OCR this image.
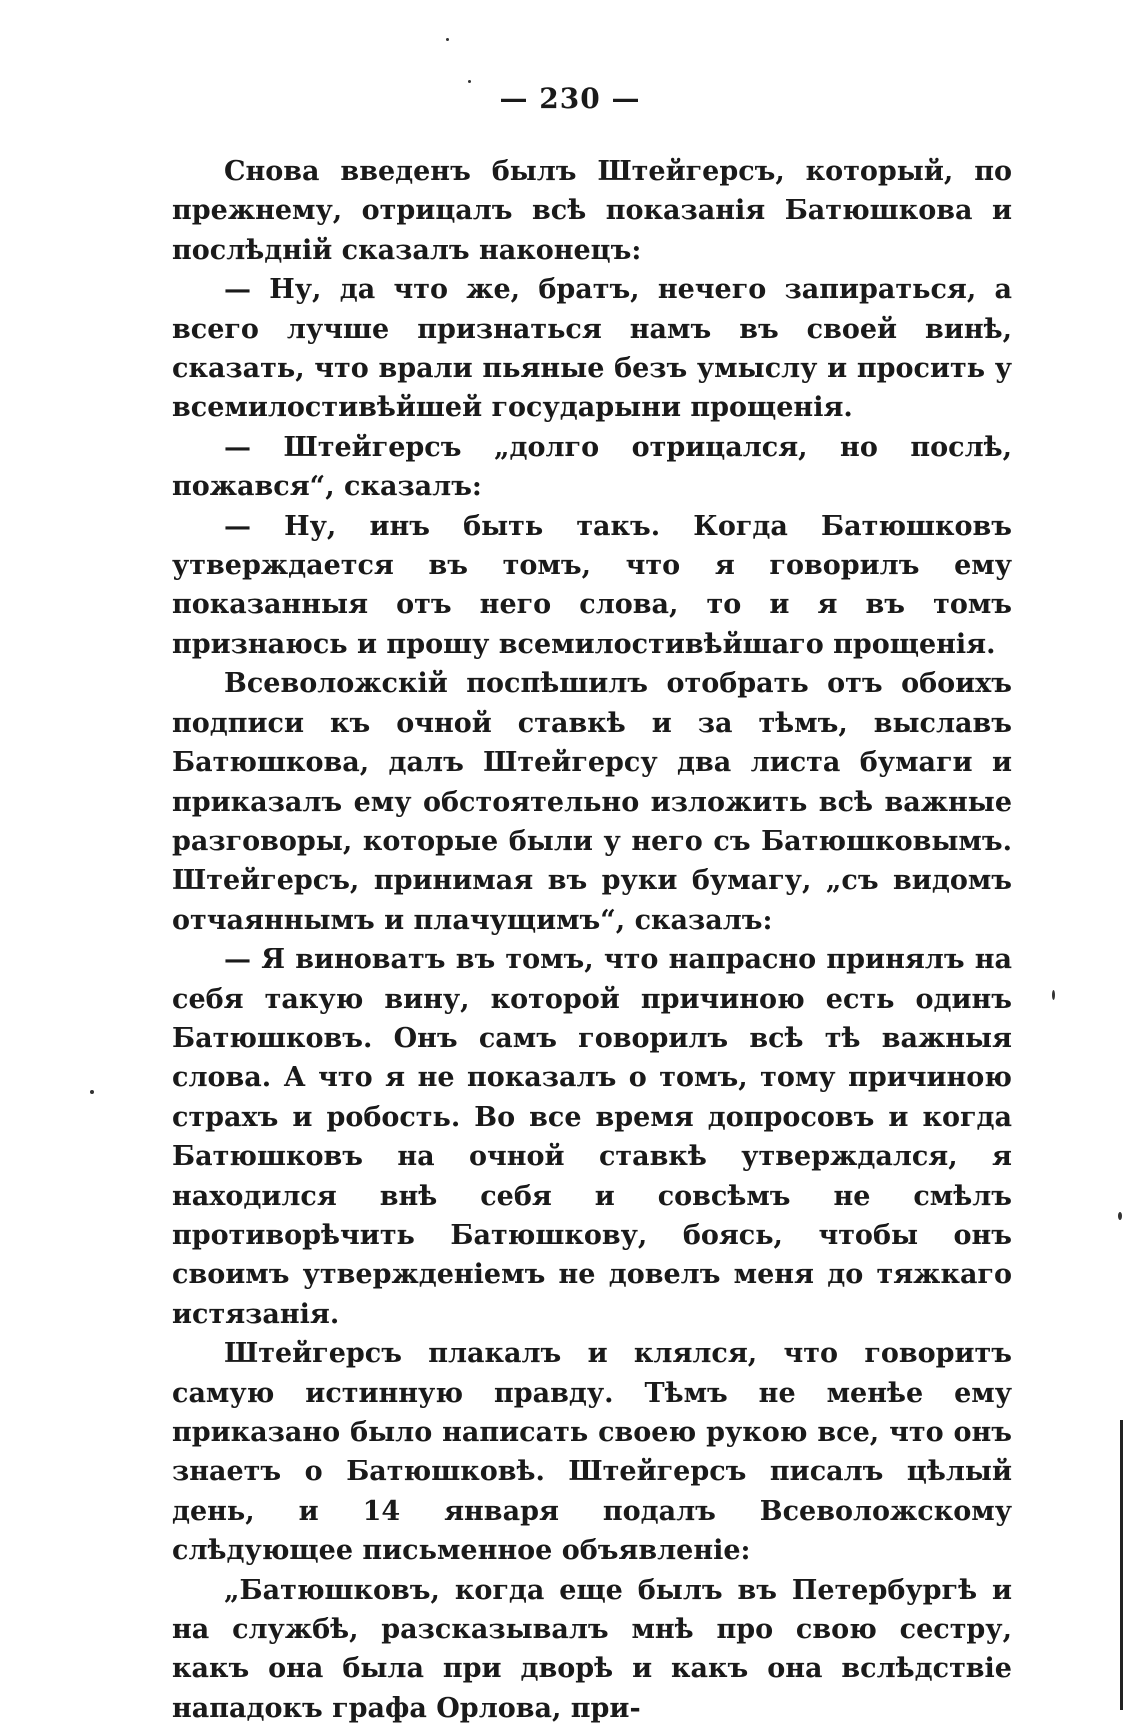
— 230 —

Снова введенъ былъ Штейгерсъ, который, по прежнему, отрицалъ всѣ показанія Батюшкова и послѣдній сказалъ наконецъ:

— Ну, да что же, братъ, нечего запираться, а всего лучше признаться намъ въ своей винѣ, сказать, что врали пьяные безъ умыслу и просить у всемилостивѣйшей государыни прощенія.

— Штейгерсъ „долго отрицался, но послѣ, пожався“, сказалъ:

— Ну, инъ быть такъ. Когда Батюшковъ утверждается въ томъ, что я говорилъ ему показанныя отъ него слова, то и я въ томъ признаюсь и прошу всемилостивѣйшаго прощенія.

Всеволожскій поспѣшилъ отобрать отъ обоихъ подписи къ очной ставкѣ и за тѣмъ, выславъ Батюшкова, далъ Штейгерсу два листа бумаги и приказалъ ему обстоятельно изложить всѣ важные разговоры, которые были у него съ Батюшковымъ. Штейгерсъ, принимая въ руки бумагу, „съ видомъ отчаяннымъ и плачущимъ“, сказалъ:

— Я виноватъ въ томъ, что напрасно принялъ на себя такую вину, которой причиною есть одинъ Батюшковъ. Онъ самъ говорилъ всѣ тѣ важныя слова. А что я не показалъ о томъ, тому причиною страхъ и робость. Во все время допросовъ и когда Батюшковъ на очной ставкѣ утверждался, я находился внѣ себя и совсѣмъ не смѣлъ противорѣчить Батюшкову, боясь, чтобы онъ своимъ утвержденіемъ не довелъ меня до тяжкаго истязанія.

Штейгерсъ плакалъ и клялся, что говоритъ самую истинную правду. Тѣмъ не менѣе ему приказано было написать своею рукою все, что онъ знаетъ о Батюшковѣ. Штейгерсъ писалъ цѣлый день, и 14 января подалъ Всеволожскому слѣдующее письменное объявленіе:

„Батюшковъ, когда еще былъ въ Петербургѣ и на службѣ, разсказывалъ мнѣ про свою сестру, какъ она была при дворѣ и какъ она вслѣдствіе нападокъ графа Орлова, при-
